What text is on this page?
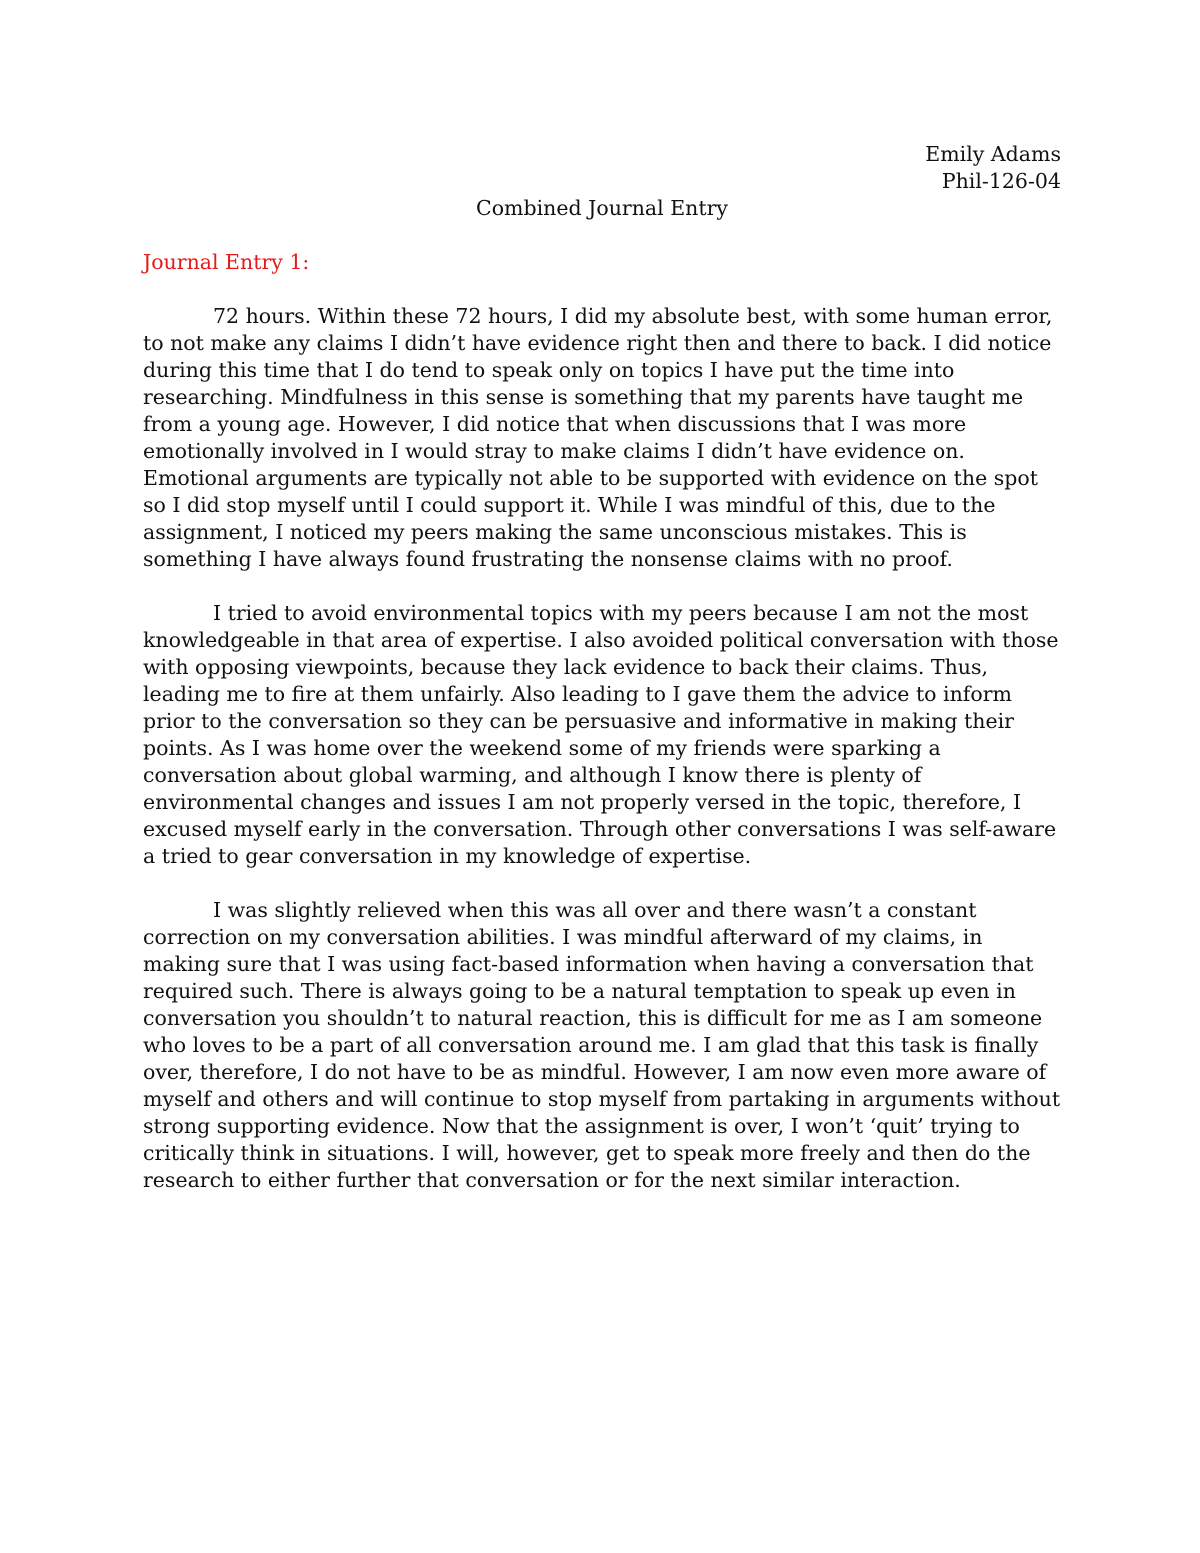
Emily Adams
Phil-126-04
Combined Journal Entry
Journal Entry 1:

72 hours. Within these 72 hours, I did my absolute best, with some human error, to not make any claims I didn’t have evidence right then and there to back. I did notice during this time that I do tend to speak only on topics I have put the time into researching. Mindfulness in this sense is something that my parents have taught me from a young age. However, I did notice that when discussions that I was more emotionally involved in I would stray to make claims I didn’t have evidence on. Emotional arguments are typically not able to be supported with evidence on the spot so I did stop myself until I could support it. While I was mindful of this, due to the assignment, I noticed my peers making the same unconscious mistakes. This is something I have always found frustrating the nonsense claims with no proof.

I tried to avoid environmental topics with my peers because I am not the most knowledgeable in that area of expertise. I also avoided political conversation with those with opposing viewpoints, because they lack evidence to back their claims. Thus, leading me to fire at them unfairly. Also leading to I gave them the advice to inform prior to the conversation so they can be persuasive and informative in making their points. As I was home over the weekend some of my friends were sparking a conversation about global warming, and although I know there is plenty of environmental changes and issues I am not properly versed in the topic, therefore, I excused myself early in the conversation. Through other conversations I was self-aware a tried to gear conversation in my knowledge of expertise.

I was slightly relieved when this was all over and there wasn’t a constant correction on my conversation abilities. I was mindful afterward of my claims, in making sure that I was using fact-based information when having a conversation that required such. There is always going to be a natural temptation to speak up even in conversation you shouldn’t to natural reaction, this is difficult for me as I am someone who loves to be a part of all conversation around me. I am glad that this task is finally over, therefore, I do not have to be as mindful. However, I am now even more aware of myself and others and will continue to stop myself from partaking in arguments without strong supporting evidence. Now that the assignment is over, I won’t ‘quit’ trying to critically think in situations. I will, however, get to speak more freely and then do the research to either further that conversation or for the next similar interaction.
